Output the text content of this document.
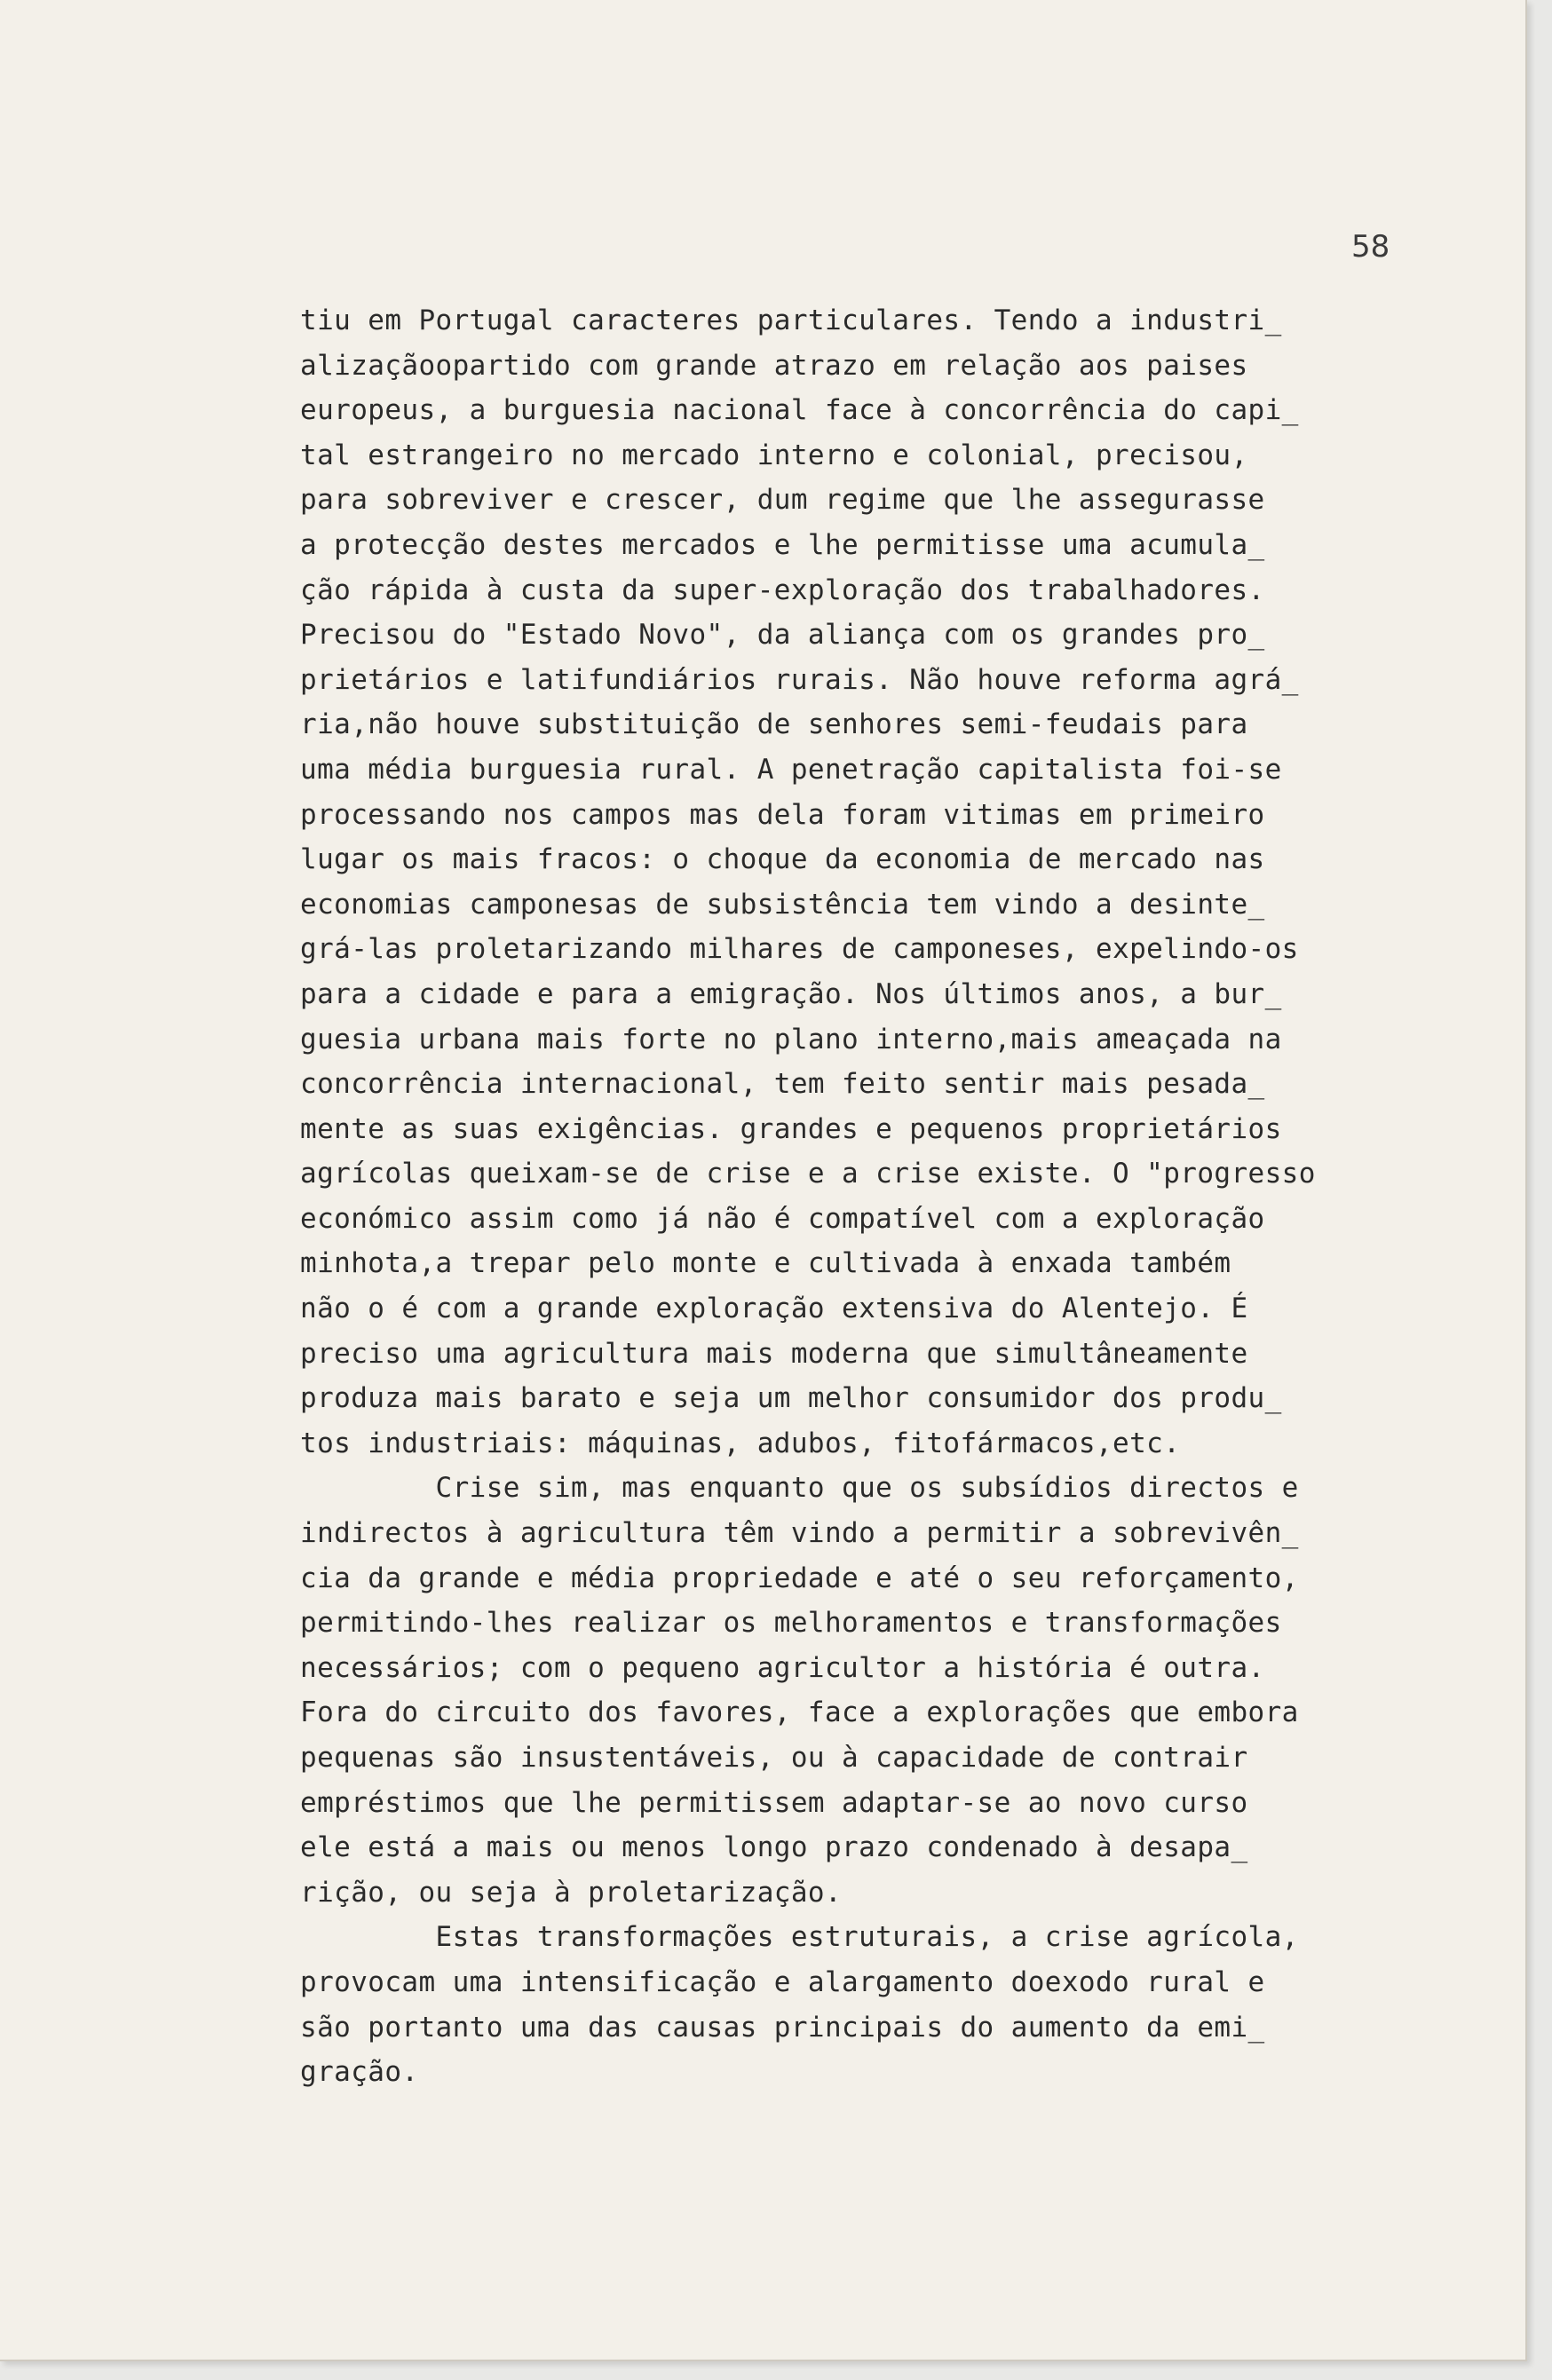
58
tiu em Portugal caracteres particulares. Tendo a industri_
alizaçãoopartido com grande atrazo em relação aos paises
europeus, a burguesia nacional face à concorrência do capi_
tal estrangeiro no mercado interno e colonial, precisou,
para sobreviver e crescer, dum regime que lhe assegurasse
a protecção destes mercados e lhe permitisse uma acumula_
ção rápida à custa da super-exploração dos trabalhadores.
Precisou do "Estado Novo", da aliança com os grandes pro_
prietários e latifundiários rurais. Não houve reforma agrá_
ria,não houve substituição de senhores semi-feudais para
uma média burguesia rural. A penetração capitalista foi-se
processando nos campos mas dela foram vitimas em primeiro
lugar os mais fracos: o choque da economia de mercado nas
economias camponesas de subsistência tem vindo a desinte_
grá-las proletarizando milhares de camponeses, expelindo-os
para a cidade e para a emigração. Nos últimos anos, a bur_
guesia urbana mais forte no plano interno,mais ameaçada na
concorrência internacional, tem feito sentir mais pesada_
mente as suas exigências. grandes e pequenos proprietários
agrícolas queixam-se de crise e a crise existe. O "progresso
económico assim como já não é compatível com a exploração
minhota,a trepar pelo monte e cultivada à enxada também
não o é com a grande exploração extensiva do Alentejo. É
preciso uma agricultura mais moderna que simultâneamente
produza mais barato e seja um melhor consumidor dos produ_
tos industriais: máquinas, adubos, fitofármacos,etc.
Crise sim, mas enquanto que os subsídios directos e
indirectos à agricultura têm vindo a permitir a sobrevivên_
cia da grande e média propriedade e até o seu reforçamento,
permitindo-lhes realizar os melhoramentos e transformações
necessários; com o pequeno agricultor a história é outra.
Fora do circuito dos favores, face a explorações que embora
pequenas são insustentáveis, ou à capacidade de contrair
empréstimos que lhe permitissem adaptar-se ao novo curso
ele está a mais ou menos longo prazo condenado à desapa_
rição, ou seja à proletarização.
Estas transformações estruturais, a crise agrícola,
provocam uma intensificação e alargamento doexodo rural e
são portanto uma das causas principais do aumento da emi_
gração.
